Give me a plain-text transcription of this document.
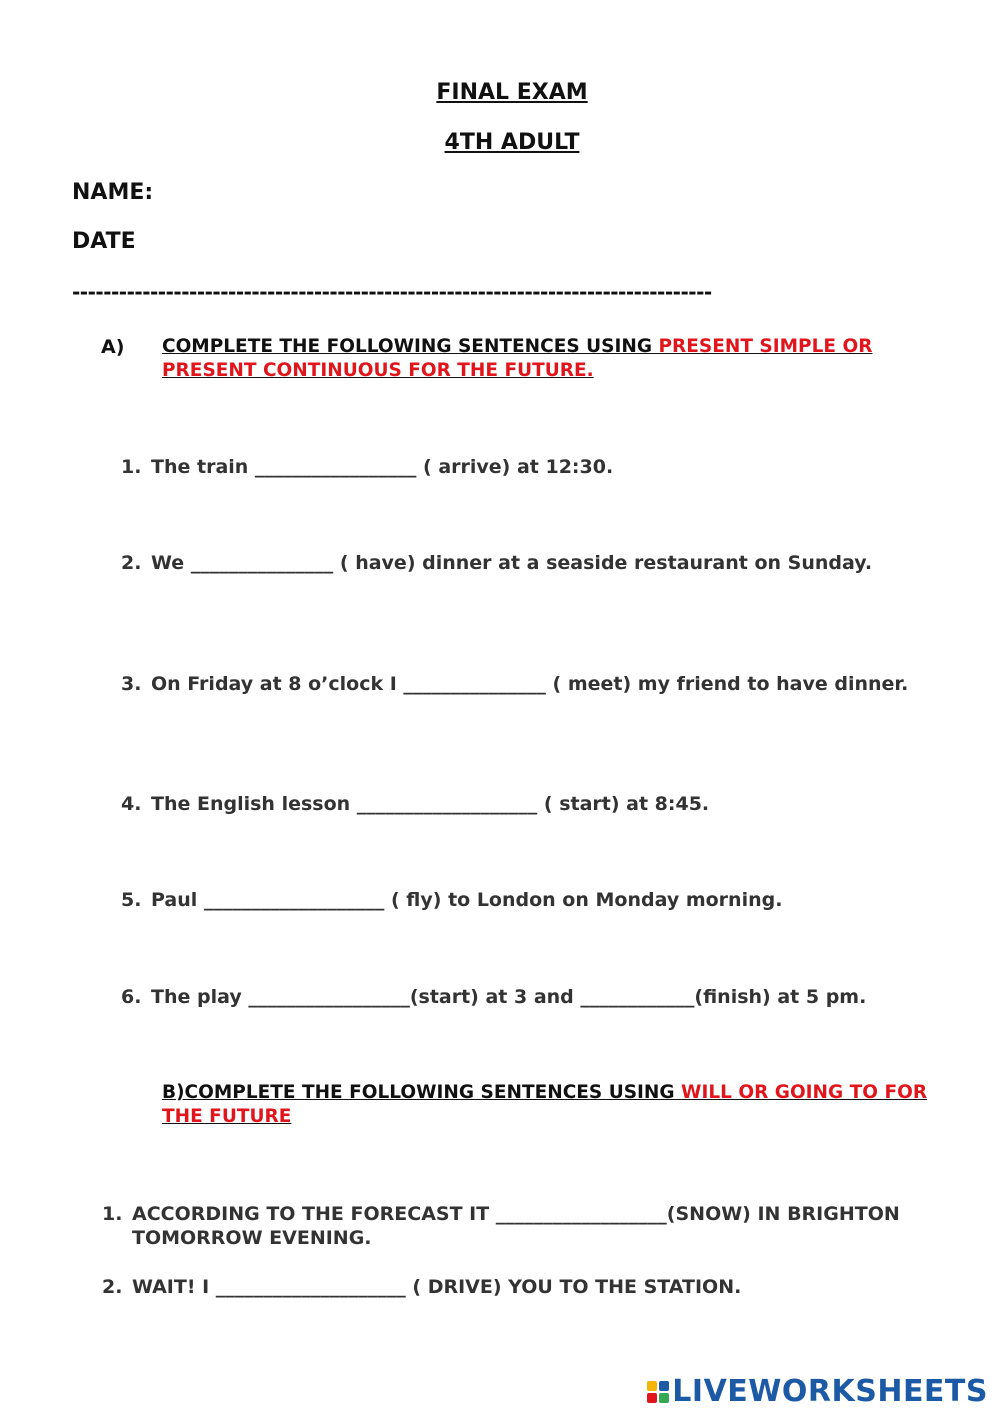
FINAL EXAM
4TH ADULT
NAME:
DATE
----------------------------------------------------------------------------------
A) COMPLETE THE FOLLOWING SENTENCES USING PRESENT SIMPLE OR PRESENT CONTINUOUS FOR THE FUTURE.
1. The train _________________ ( arrive) at 12:30.
2. We _______________ ( have) dinner at a seaside restaurant on Sunday.
3. On Friday at 8 o’clock I _______________ ( meet) my friend to have dinner.
4. The English lesson ___________________ ( start) at 8:45.
5. Paul ___________________ ( fly) to London on Monday morning.
6. The play _________________(start) at 3 and ____________(finish) at 5 pm.
B)COMPLETE THE FOLLOWING SENTENCES USING WILL OR GOING TO FOR THE FUTURE
1. ACCORDING TO THE FORECAST IT __________________(SNOW) IN BRIGHTON TOMORROW EVENING.
2. WAIT! I ____________________ ( DRIVE) YOU TO THE STATION.
LIVEWORKSHEETS
